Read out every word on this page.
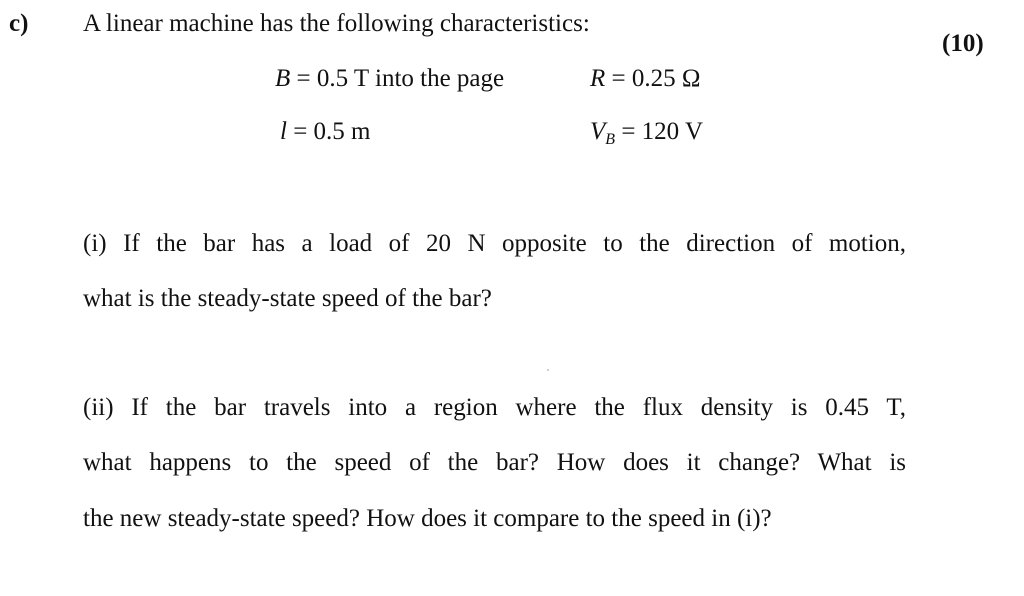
c)
(10)
A linear machine has the following characteristics:
B = 0.5 T into the page	R = 0.25 Ω
l = 0.5 m	$V_B = 120$ V
(i) If the bar has a load of 20 N opposite to the direction of motion,
what is the steady-state speed of the bar?
(ii) If the bar travels into a region where the flux density is 0.45 T,
what happens to the speed of the bar? How does it change? What is
the new steady-state speed? How does it compare to the speed in (i)?
